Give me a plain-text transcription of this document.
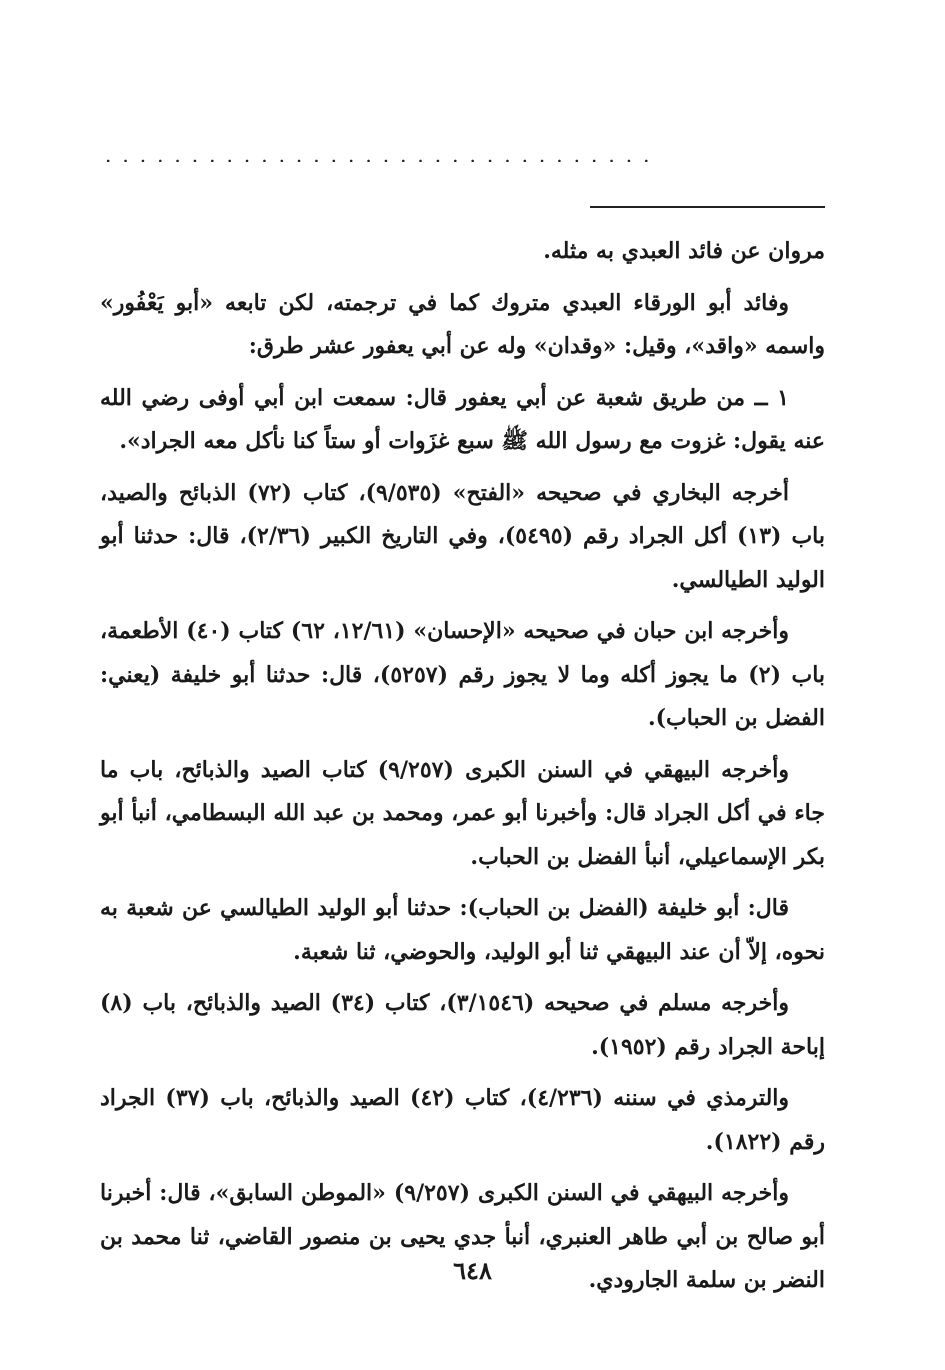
................................

مروان عن فائد العبدي به مثله.

وفائد أبو الورقاء العبدي متروك كما في ترجمته، لكن تابعه «أبو يَعْفُور» واسمه «واقد»، وقيل: «وقدان» وله عن أبي يعفور عشر طرق:

١ ــ من طريق شعبة عن أبي يعفور قال: سمعت ابن أبي أوفى رضي الله عنه يقول: غزوت مع رسول الله ﷺ سبع غزَوات أو ستاً كنا نأكل معه الجراد».

أخرجه البخاري في صحيحه «الفتح» (٩/٥٣٥)، كتاب (٧٢) الذبائح والصيد، باب (١٣) أكل الجراد رقم (٥٤٩٥)، وفي التاريخ الكبير (٢/٣٦)، قال: حدثنا أبو الوليد الطيالسي.

وأخرجه ابن حبان في صحيحه «الإحسان» (١٢/٦١، ٦٢) كتاب (٤٠) الأطعمة، باب (٢) ما يجوز أكله وما لا يجوز رقم (٥٢٥٧)، قال: حدثنا أبو خليفة (يعني: الفضل بن الحباب).

وأخرجه البيهقي في السنن الكبرى (٩/٢٥٧) كتاب الصيد والذبائح، باب ما جاء في أكل الجراد قال: وأخبرنا أبو عمر، ومحمد بن عبد الله البسطامي، أنبأ أبو بكر الإسماعيلي، أنبأ الفضل بن الحباب.

قال: أبو خليفة (الفضل بن الحباب): حدثنا أبو الوليد الطيالسي عن شعبة به نحوه، إلاّ أن عند البيهقي ثنا أبو الوليد، والحوضي، ثنا شعبة.

وأخرجه مسلم في صحيحه (٣/١٥٤٦)، كتاب (٣٤) الصيد والذبائح، باب (٨) إباحة الجراد رقم (١٩٥٢).

والترمذي في سننه (٤/٢٣٦)، كتاب (٤٢) الصيد والذبائح، باب (٣٧) الجراد رقم (١٨٢٢).

وأخرجه البيهقي في السنن الكبرى (٩/٢٥٧) «الموطن السابق»، قال: أخبرنا أبو صالح بن أبي طاهر العنبري، أنبأ جدي يحيى بن منصور القاضي، ثنا محمد بن النضر بن سلمة الجارودي.

٦٤٨
